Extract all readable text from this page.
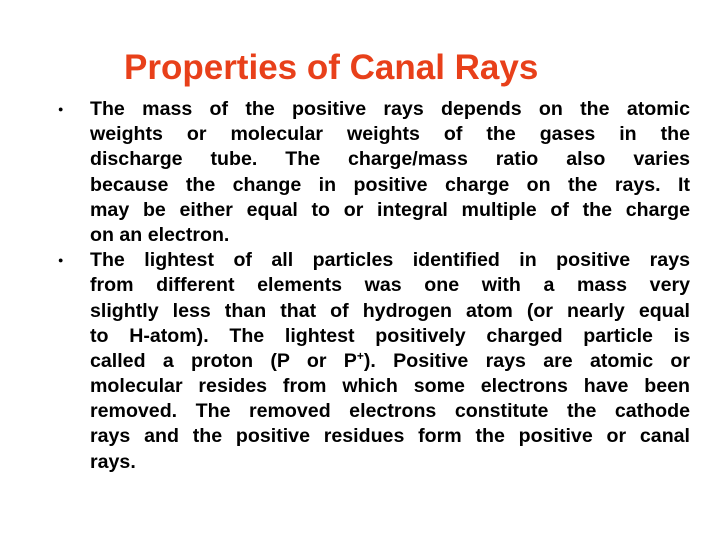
Properties of Canal Rays
● The mass of the positive rays depends on the atomic
weights or molecular weights of the gases in the
discharge tube. The charge/mass ratio also varies
because the change in positive charge on the rays. It
may be either equal to or integral multiple of the charge
on an electron.
● The lightest of all particles identified in positive rays
from different elements was one with a mass very
slightly less than that of hydrogen atom (or nearly equal
to H-atom). The lightest positively charged particle is
called a proton (P or P+). Positive rays are atomic or
molecular resides from which some electrons have been
removed. The removed electrons constitute the cathode
rays and the positive residues form the positive or canal
rays.
